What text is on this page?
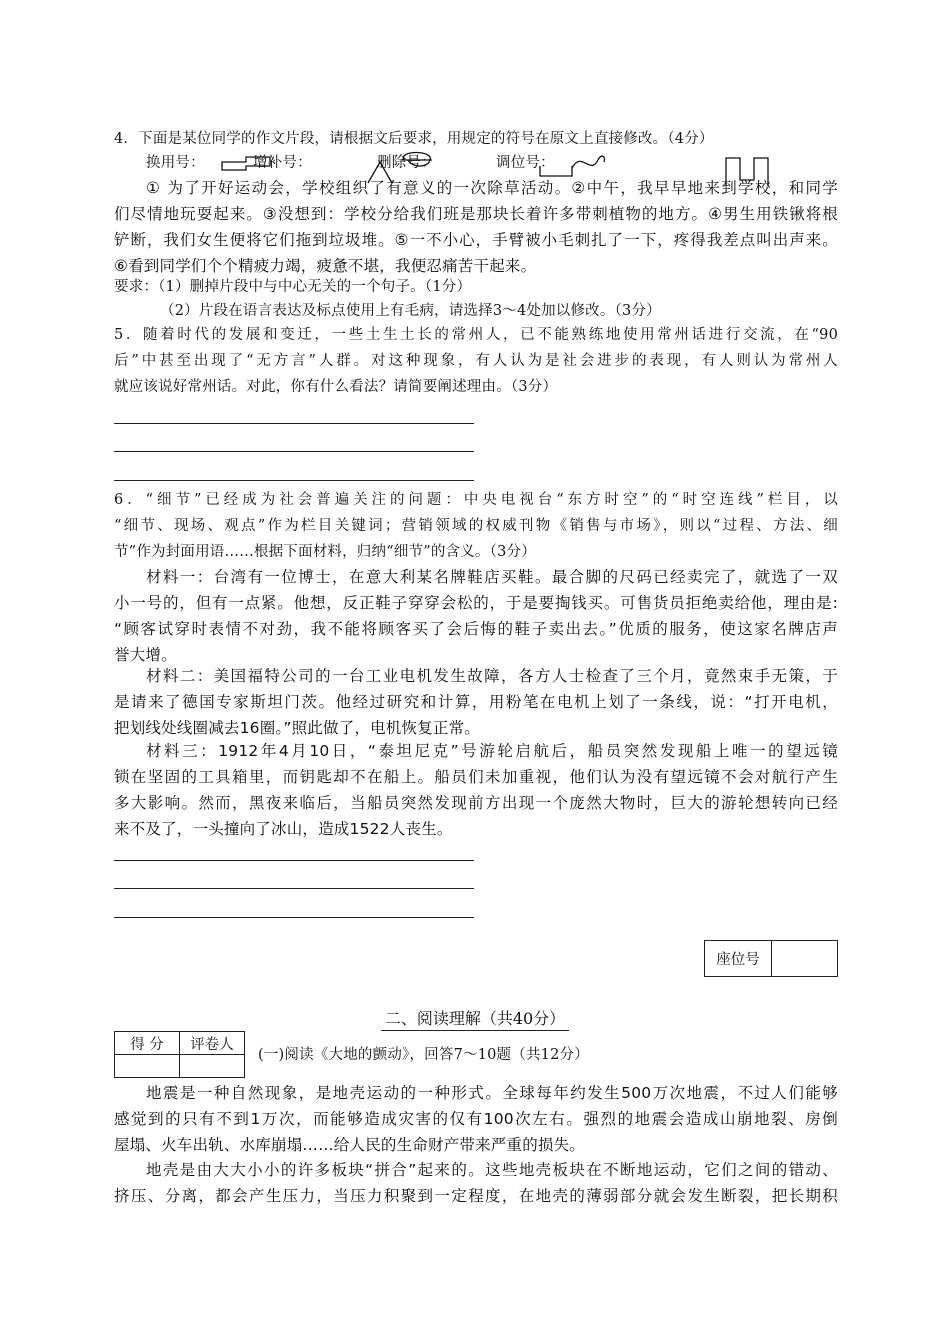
4．下面是某位同学的作文片段，请根据文后要求，用规定的符号在原文上直接修改。（4分）
换用号：	增补号：	删除号：	调位号：
① 为了开好运动会，学校组织了有意义的一次除草活动。②中午，我早早地来到学校，和同学
们尽情地玩耍起来。③没想到：学校分给我们班是那块长着许多带刺植物的地方。④男生用铁锹将根
铲断，我们女生便将它们拖到垃圾堆。⑤一不小心，手臂被小毛刺扎了一下，疼得我差点叫出声来。
⑥看到同学们个个精疲力竭，疲惫不堪，我便忍痛苦干起来。
要求：（1）删掉片段中与中心无关的一个句子。（1分）
（2）片段在语言表达及标点使用上有毛病，请选择3～4处加以修改。（3分）
5．随着时代的发展和变迁，一些土生土长的常州人，已不能熟练地使用常州话进行交流，在“90
后”中甚至出现了“无方言”人群。对这种现象，有人认为是社会进步的表现，有人则认为常州人
就应该说好常州话。对此，你有什么看法？请简要阐述理由。（3分）
6．“细节”已经成为社会普遍关注的问题：中央电视台“东方时空”的“时空连线”栏目，以
“细节、现场、观点”作为栏目关键词；营销领域的权威刊物《销售与市场》，则以“过程、方法、细
节”作为封面用语……根据下面材料，归纳“细节”的含义。（3分）
材料一：台湾有一位博士，在意大利某名牌鞋店买鞋。最合脚的尺码已经卖完了，就选了一双
小一号的，但有一点紧。他想，反正鞋子穿穿会松的，于是要掏钱买。可售货员拒绝卖给他，理由是:
“顾客试穿时表情不对劲，我不能将顾客买了会后悔的鞋子卖出去。”优质的服务，使这家名牌店声
誉大增。
材料二：美国福特公司的一台工业电机发生故障，各方人士检查了三个月，竟然束手无策，于
是请来了德国专家斯坦门茨。他经过研究和计算，用粉笔在电机上划了一条线，说：“打开电机，
把划线处线圈减去16圈。”照此做了，电机恢复正常。
材料三：1912年4月10日，“泰坦尼克”号游轮启航后，船员突然发现船上唯一的望远镜
锁在坚固的工具箱里，而钥匙却不在船上。船员们未加重视，他们认为没有望远镜不会对航行产生
多大影响。然而，黑夜来临后，当船员突然发现前方出现一个庞然大物时，巨大的游轮想转向已经
来不及了，一头撞向了冰山，造成1522人丧生。
座位号
二、阅读理解（共40分）
得 分	评卷人

(一)阅读《大地的颤动》，回答7～10题（共12分）
地震是一种自然现象，是地壳运动的一种形式。全球每年约发生500万次地震，不过人们能够
感觉到的只有不到1万次，而能够造成灾害的仅有100次左右。强烈的地震会造成山崩地裂、房倒
屋塌、火车出轨、水库崩塌……给人民的生命财产带来严重的损失。
地壳是由大大小小的许多板块“拼合”起来的。这些地壳板块在不断地运动，它们之间的错动、
挤压、分离，都会产生压力，当压力积聚到一定程度，在地壳的薄弱部分就会发生断裂，把长期积
